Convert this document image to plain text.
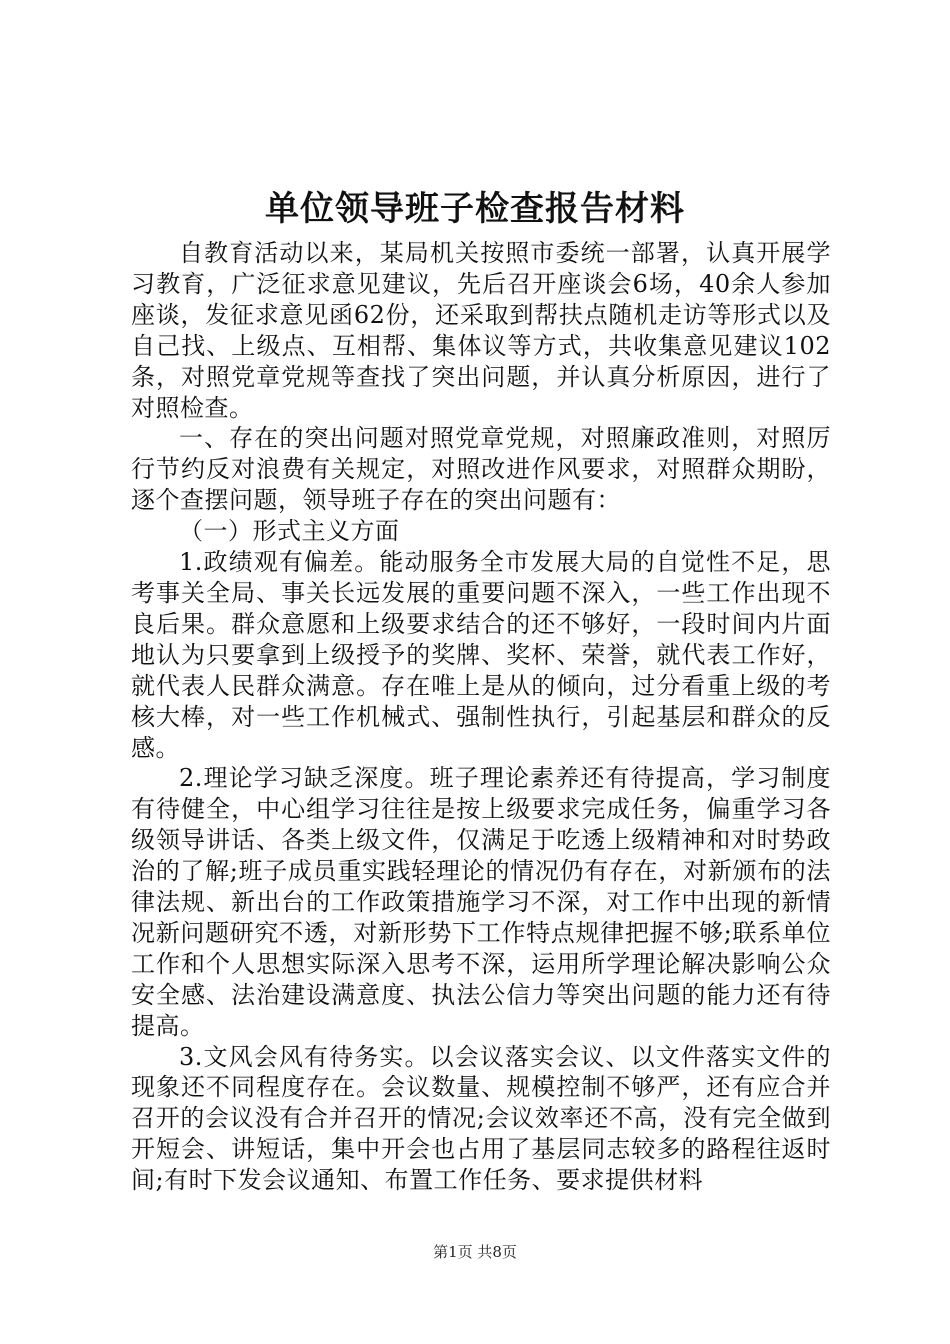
单位领导班子检查报告材料

自教育活动以来，某局机关按照市委统一部署，认真开展学习教育，广泛征求意见建议，先后召开座谈会6场，40余人参加座谈，发征求意见函62份，还采取到帮扶点随机走访等形式以及自己找、上级点、互相帮、集体议等方式，共收集意见建议102条，对照党章党规等查找了突出问题，并认真分析原因，进行了对照检查。

一、存在的突出问题对照党章党规，对照廉政准则，对照厉行节约反对浪费有关规定，对照改进作风要求，对照群众期盼，逐个查摆问题，领导班子存在的突出问题有：

（一）形式主义方面

1.政绩观有偏差。能动服务全市发展大局的自觉性不足，思考事关全局、事关长远发展的重要问题不深入，一些工作出现不良后果。群众意愿和上级要求结合的还不够好，一段时间内片面地认为只要拿到上级授予的奖牌、奖杯、荣誉，就代表工作好，就代表人民群众满意。存在唯上是从的倾向，过分看重上级的考核大棒，对一些工作机械式、强制性执行，引起基层和群众的反感。

2.理论学习缺乏深度。班子理论素养还有待提高，学习制度有待健全，中心组学习往往是按上级要求完成任务，偏重学习各级领导讲话、各类上级文件，仅满足于吃透上级精神和对时势政治的了解;班子成员重实践轻理论的情况仍有存在，对新颁布的法律法规、新出台的工作政策措施学习不深，对工作中出现的新情况新问题研究不透，对新形势下工作特点规律把握不够;联系单位工作和个人思想实际深入思考不深，运用所学理论解决影响公众安全感、法治建设满意度、执法公信力等突出问题的能力还有待提高。

3.文风会风有待务实。以会议落实会议、以文件落实文件的现象还不同程度存在。会议数量、规模控制不够严，还有应合并召开的会议没有合并召开的情况;会议效率还不高，没有完全做到开短会、讲短话，集中开会也占用了基层同志较多的路程往返时间;有时下发会议通知、布置工作任务、要求提供材料

第1页 共8页
